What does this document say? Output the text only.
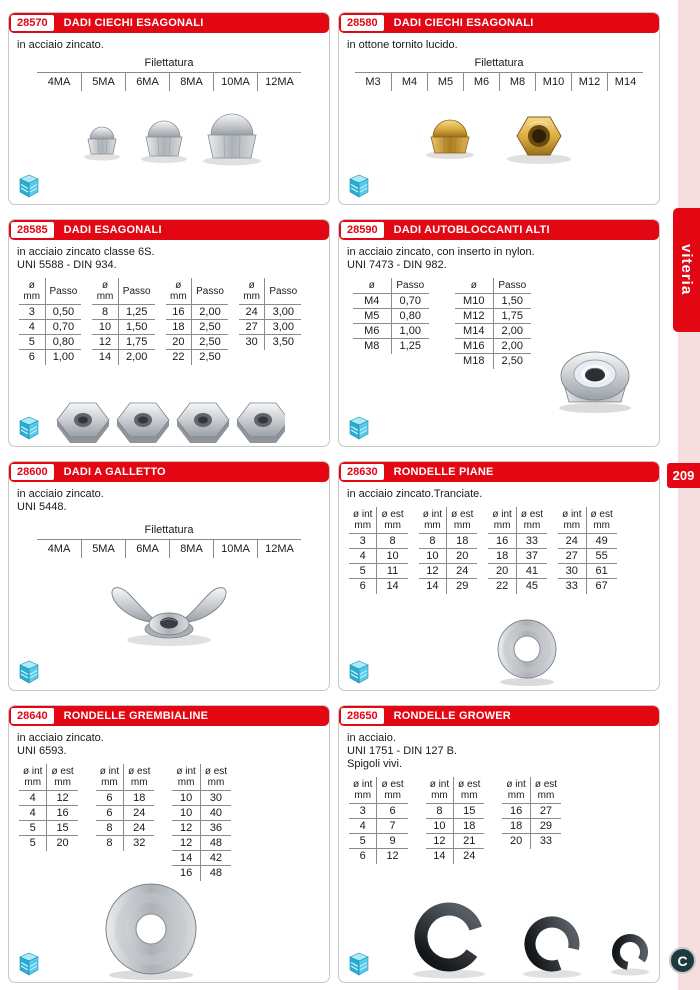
28570	DADI CIECHI ESAGONALI
in acciaio zincato.
Filettatura
4MA	5MA	6MA	8MA	10MA	12MA
28580	DADI CIECHI ESAGONALI
in ottone tornito lucido.
Filettatura
M3	M4	M5	M6	M8	M10	M12	M14
28585	DADI ESAGONALI
in acciaio zincato classe 6S.
UNI 5588 - DIN 934.
ø
mm	Passo

3	0,50
4	0,70
5	0,80
6	1,00
ø
mm	Passo

8	1,25
10	1,50
12	1,75
14	2,00
ø
mm	Passo

16	2,00
18	2,50
20	2,50
22	2,50
ø
mm	Passo

24	3,00
27	3,00
30	3,50
28590	DADI AUTOBLOCCANTI ALTI
in acciaio zincato, con inserto in nylon.
UNI 7473 - DIN 982.
ø	Passo

M4	0,70
M5	0,80
M6	1,00
M8	1,25
ø	Passo

M10	1,50
M12	1,75
M14	2,00
M16	2,00
M18	2,50
28600	DADI A GALLETTO
in acciaio zincato.
UNI 5448.
Filettatura
4MA	5MA	6MA	8MA	10MA	12MA
28630	RONDELLE PIANE
in acciaio zincato.Tranciate.
ø int
mm

ø est
mm

3	8
4	10
5	11
6	14
ø int
mm

ø est
mm

8	18
10	20
12	24
14	29
ø int
mm

ø est
mm

16	33
18	37
20	41
22	45
ø int
mm

ø est
mm

24	49
27	55
30	61
33	67
28640	RONDELLE GREMBIALINE
in acciaio zincato.
UNI 6593.
ø int
mm

ø est
mm

4	12
4	16
5	15
5	20
ø int
mm

ø est
mm

6	18
6	24
8	24
8	32
ø int
mm

ø est
mm

10	30
10	40
12	36
12	48
14	42
16	48
28650	RONDELLE GROWER
in acciaio.
UNI 1751 - DIN 127 B.
Spigoli vivi.
ø int
mm

ø est
mm

3	6
4	7
5	9
6	12
ø int
mm

ø est
mm

8	15
10	18
12	21
14	24
ø int
mm

ø est
mm

16	27
18	29
20	33
viteria
209
C
